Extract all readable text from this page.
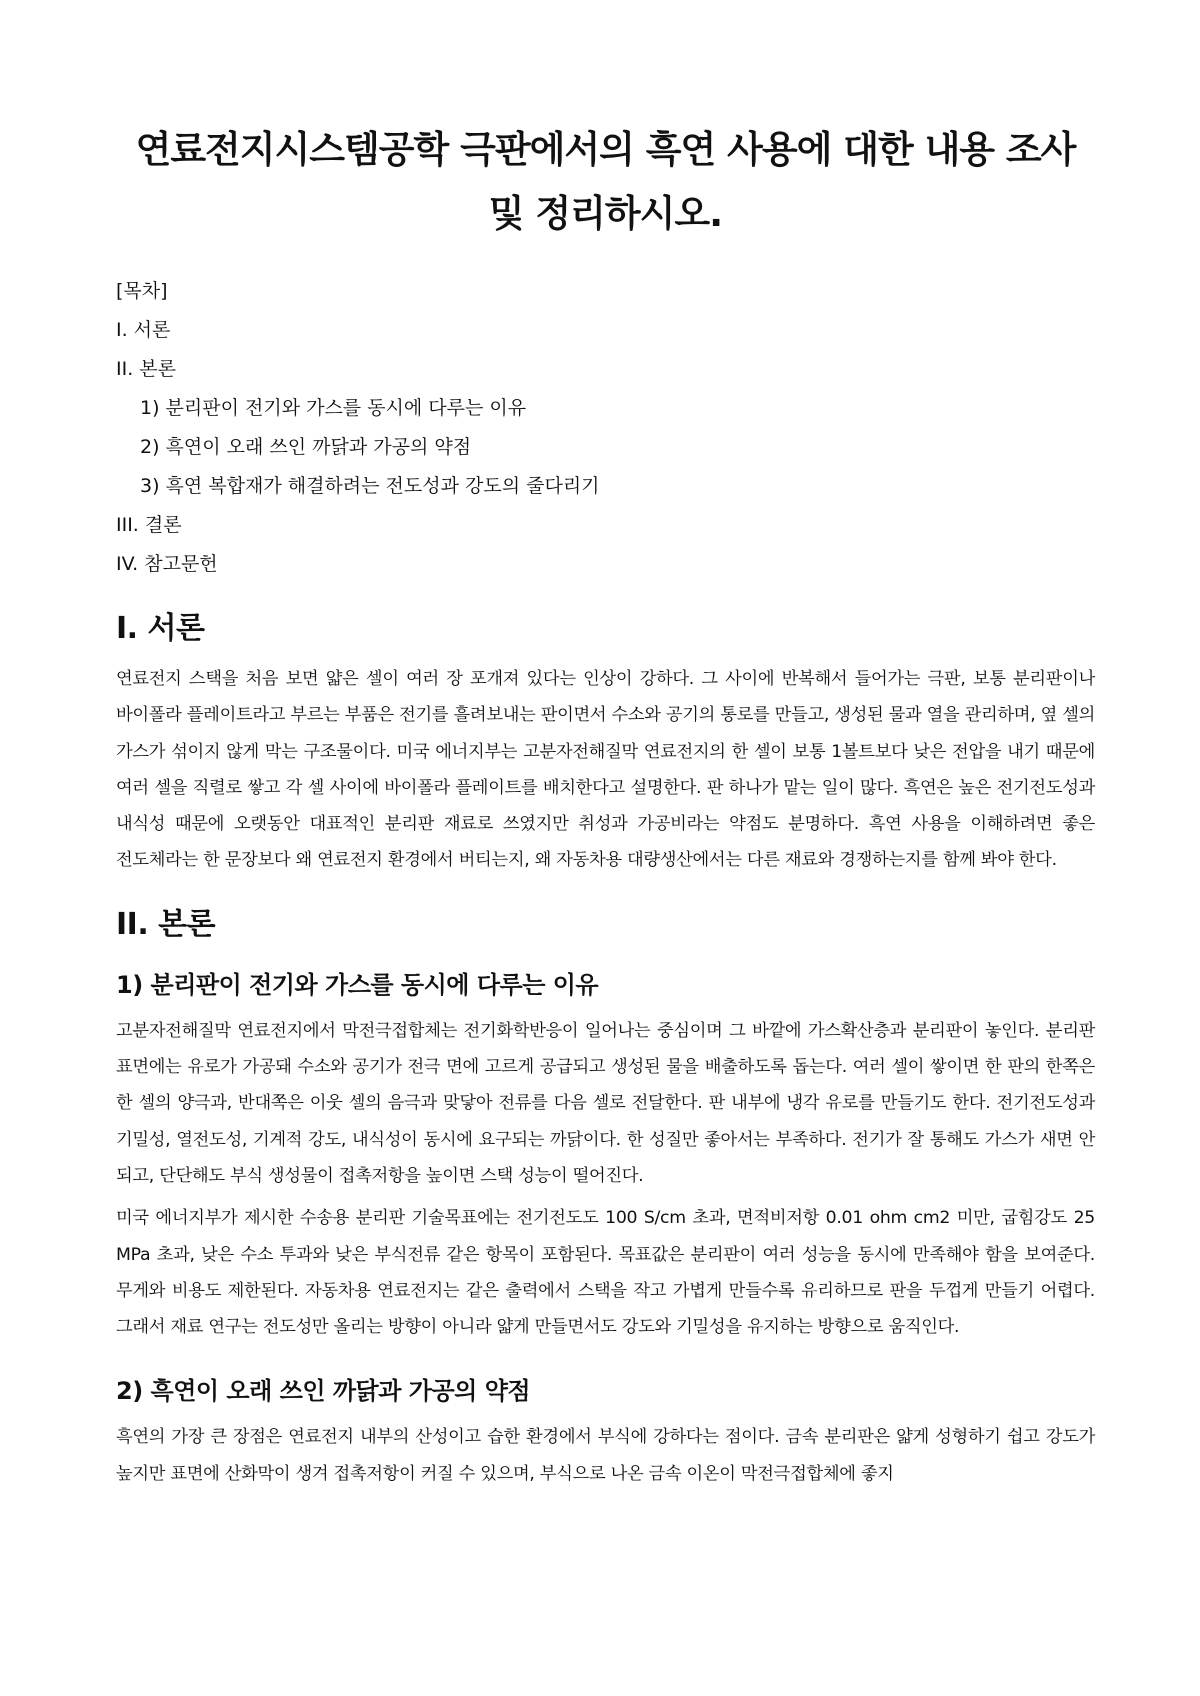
연료전지시스템공학 극판에서의 흑연 사용에 대한 내용 조사 및 정리하시오.
[목차]
I. 서론
II. 본론
1) 분리판이 전기와 가스를 동시에 다루는 이유
2) 흑연이 오래 쓰인 까닭과 가공의 약점
3) 흑연 복합재가 해결하려는 전도성과 강도의 줄다리기
III. 결론
IV. 참고문헌
I. 서론

연료전지 스택을 처음 보면 얇은 셀이 여러 장 포개져 있다는 인상이 강하다. 그 사이에 반복해서 들어가는 극판, 보통 분리판이나 바이폴라 플레이트라고 부르는 부품은 전기를 흘려보내는 판이면서 수소와 공기의 통로를 만들고, 생성된 물과 열을 관리하며, 옆 셀의 가스가 섞이지 않게 막는 구조물이다. 미국 에너지부는 고분자전해질막 연료전지의 한 셀이 보통 1볼트보다 낮은 전압을 내기 때문에 여러 셀을 직렬로 쌓고 각 셀 사이에 바이폴라 플레이트를 배치한다고 설명한다. 판 하나가 맡는 일이 많다. 흑연은 높은 전기전도성과 내식성 때문에 오랫동안 대표적인 분리판 재료로 쓰였지만 취성과 가공비라는 약점도 분명하다. 흑연 사용을 이해하려면 좋은 전도체라는 한 문장보다 왜 연료전지 환경에서 버티는지, 왜 자동차용 대량생산에서는 다른 재료와 경쟁하는지를 함께 봐야 한다.

II. 본론
1) 분리판이 전기와 가스를 동시에 다루는 이유

고분자전해질막 연료전지에서 막전극접합체는 전기화학반응이 일어나는 중심이며 그 바깥에 가스확산층과 분리판이 놓인다. 분리판 표면에는 유로가 가공돼 수소와 공기가 전극 면에 고르게 공급되고 생성된 물을 배출하도록 돕는다. 여러 셀이 쌓이면 한 판의 한쪽은 한 셀의 양극과, 반대쪽은 이웃 셀의 음극과 맞닿아 전류를 다음 셀로 전달한다. 판 내부에 냉각 유로를 만들기도 한다. 전기전도성과 기밀성, 열전도성, 기계적 강도, 내식성이 동시에 요구되는 까닭이다. 한 성질만 좋아서는 부족하다. 전기가 잘 통해도 가스가 새면 안 되고, 단단해도 부식 생성물이 접촉저항을 높이면 스택 성능이 떨어진다.

미국 에너지부가 제시한 수송용 분리판 기술목표에는 전기전도도 100 S/cm 초과, 면적비저항 0.01 ohm cm2 미만, 굽힘강도 25 MPa 초과, 낮은 수소 투과와 낮은 부식전류 같은 항목이 포함된다. 목표값은 분리판이 여러 성능을 동시에 만족해야 함을 보여준다. 무게와 비용도 제한된다. 자동차용 연료전지는 같은 출력에서 스택을 작고 가볍게 만들수록 유리하므로 판을 두껍게 만들기 어렵다. 그래서 재료 연구는 전도성만 올리는 방향이 아니라 얇게 만들면서도 강도와 기밀성을 유지하는 방향으로 움직인다.

2) 흑연이 오래 쓰인 까닭과 가공의 약점

흑연의 가장 큰 장점은 연료전지 내부의 산성이고 습한 환경에서 부식에 강하다는 점이다. 금속 분리판은 얇게 성형하기 쉽고 강도가 높지만 표면에 산화막이 생겨 접촉저항이 커질 수 있으며, 부식으로 나온 금속 이온이 막전극접합체에 좋지
